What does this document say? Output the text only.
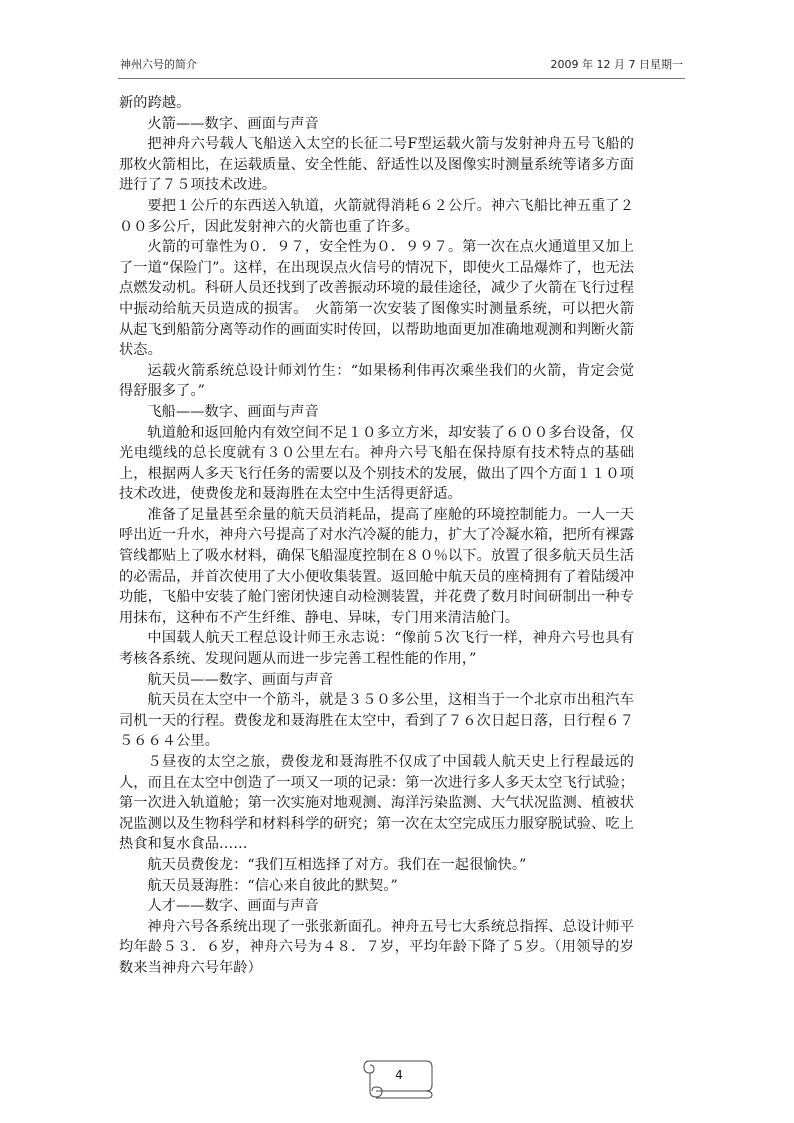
神州六号的简介	2009 年 12 月 7 日星期一

新的跨越。

火箭——数字、画面与声音

把神舟六号载人飞船送入太空的长征二号F型运载火箭与发射神舟五号飞船的那枚火箭相比，在运载质量、安全性能、舒适性以及图像实时测量系统等诸多方面进行了７５项技术改进。

要把１公斤的东西送入轨道，火箭就得消耗６２公斤。神六飞船比神五重了２００多公斤，因此发射神六的火箭也重了许多。

火箭的可靠性为０．９７，安全性为０．９９７。第一次在点火通道里又加上了一道“保险门”。这样，在出现误点火信号的情况下，即使火工品爆炸了，也无法点燃发动机。科研人员还找到了改善振动环境的最佳途径，减少了火箭在飞行过程中振动给航天员造成的损害。　火箭第一次安装了图像实时测量系统，可以把火箭从起飞到船箭分离等动作的画面实时传回，以帮助地面更加准确地观测和判断火箭状态。

运载火箭系统总设计师刘竹生：“如果杨利伟再次乘坐我们的火箭，肯定会觉得舒服多了。”

飞船——数字、画面与声音

轨道舱和返回舱内有效空间不足１０多立方米，却安装了６００多台设备，仅光电缆线的总长度就有３０公里左右。神舟六号飞船在保持原有技术特点的基础上，根据两人多天飞行任务的需要以及个别技术的发展，做出了四个方面１１０项技术改进，使费俊龙和聂海胜在太空中生活得更舒适。

准备了足量甚至余量的航天员消耗品，提高了座舱的环境控制能力。一人一天呼出近一升水，神舟六号提高了对水汽冷凝的能力，扩大了冷凝水箱，把所有裸露管线都贴上了吸水材料，确保飞船湿度控制在８０％以下。放置了很多航天员生活的必需品，并首次使用了大小便收集装置。返回舱中航天员的座椅拥有了着陆缓冲功能，飞船中安装了舱门密闭快速自动检测装置，并花费了数月时间研制出一种专用抹布，这种布不产生纤维、静电、异味，专门用来清洁舱门。

中国载人航天工程总设计师王永志说：“像前５次飞行一样，神舟六号也具有考核各系统、发现问题从而进一步完善工程性能的作用，”

航天员——数字、画面与声音

航天员在太空中一个筋斗，就是３５０多公里，这相当于一个北京市出租汽车司机一天的行程。费俊龙和聂海胜在太空中，看到了７６次日起日落，日行程６７５６６４公里。

５昼夜的太空之旅，费俊龙和聂海胜不仅成了中国载人航天史上行程最远的人，而且在太空中创造了一项又一项的记录：第一次进行多人多天太空飞行试验；第一次进入轨道舱；第一次实施对地观测、海洋污染监测、大气状况监测、植被状况监测以及生物科学和材料科学的研究；第一次在太空完成压力服穿脱试验、吃上热食和复水食品……

航天员费俊龙：“我们互相选择了对方。我们在一起很愉快。”

航天员聂海胜：“信心来自彼此的默契。”

人才——数字、画面与声音

神舟六号各系统出现了一张张新面孔。神舟五号七大系统总指挥、总设计师平均年龄５３．６岁，神舟六号为４８．７岁，平均年龄下降了５岁。（用领导的岁数来当神舟六号年龄）

4
